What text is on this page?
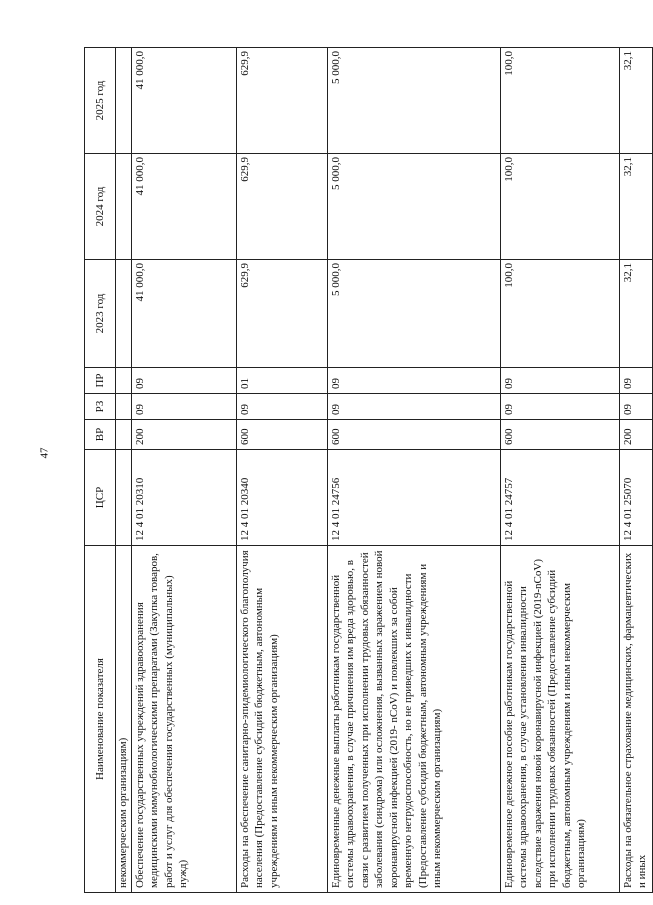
47
Наименование показателя	ЦСР	ВР	РЗ	ПР	2023 год	2024 год	2025 год
некоммерческим организациям)							
Обеспечение государственных учреждений здравоохранения медицинскими иммунобиологическими препаратами (Закупка товаров, работ и услуг для обеспечения государственных (муниципальных) нужд)	12 4 01 20310	200	09	09	41 000,0	41 000,0	41 000,0
Расходы на обеспечение санитарно-эпидемиологического благополучия населения (Предоставление субсидий бюджетным, автономным учреждениям и иным некоммерческим организациям)	12 4 01 20340	600	09	01	629,9	629,9	629,9
Единовременные денежные выплаты работникам государственной системы здравоохранения, в случае причинения им вреда здоровью, в связи с развитием полученных при исполнении трудовых обязанностей заболевания (синдрома) или осложнения, вызванных заражением новой коронавирусной инфекцией (2019- nCoV) и повлекших за собой временную нетрудоспособность, но не приведших к инвалидности (Предоставление субсидий бюджетным, автономным учреждениям и иным некоммерческим организациям)	12 4 01 24756	600	09	09	5 000,0	5 000,0	5 000,0
Единовременное денежное пособие работникам государственной системы здравоохранения, в случае установления инвалидности вследствие заражения новой коронавирусной инфекцией (2019-nCoV) при исполнении трудовых обязанностей (Предоставление субсидий бюджетным, автономным учреждениям и иным некоммерческим организациям)	12 4 01 24757	600	09	09	100,0	100,0	100,0
Расходы на обязательное страхование медицинских, фармацевтических и иных	12 4 01 25070	200	09	09	32,1	32,1	32,1
